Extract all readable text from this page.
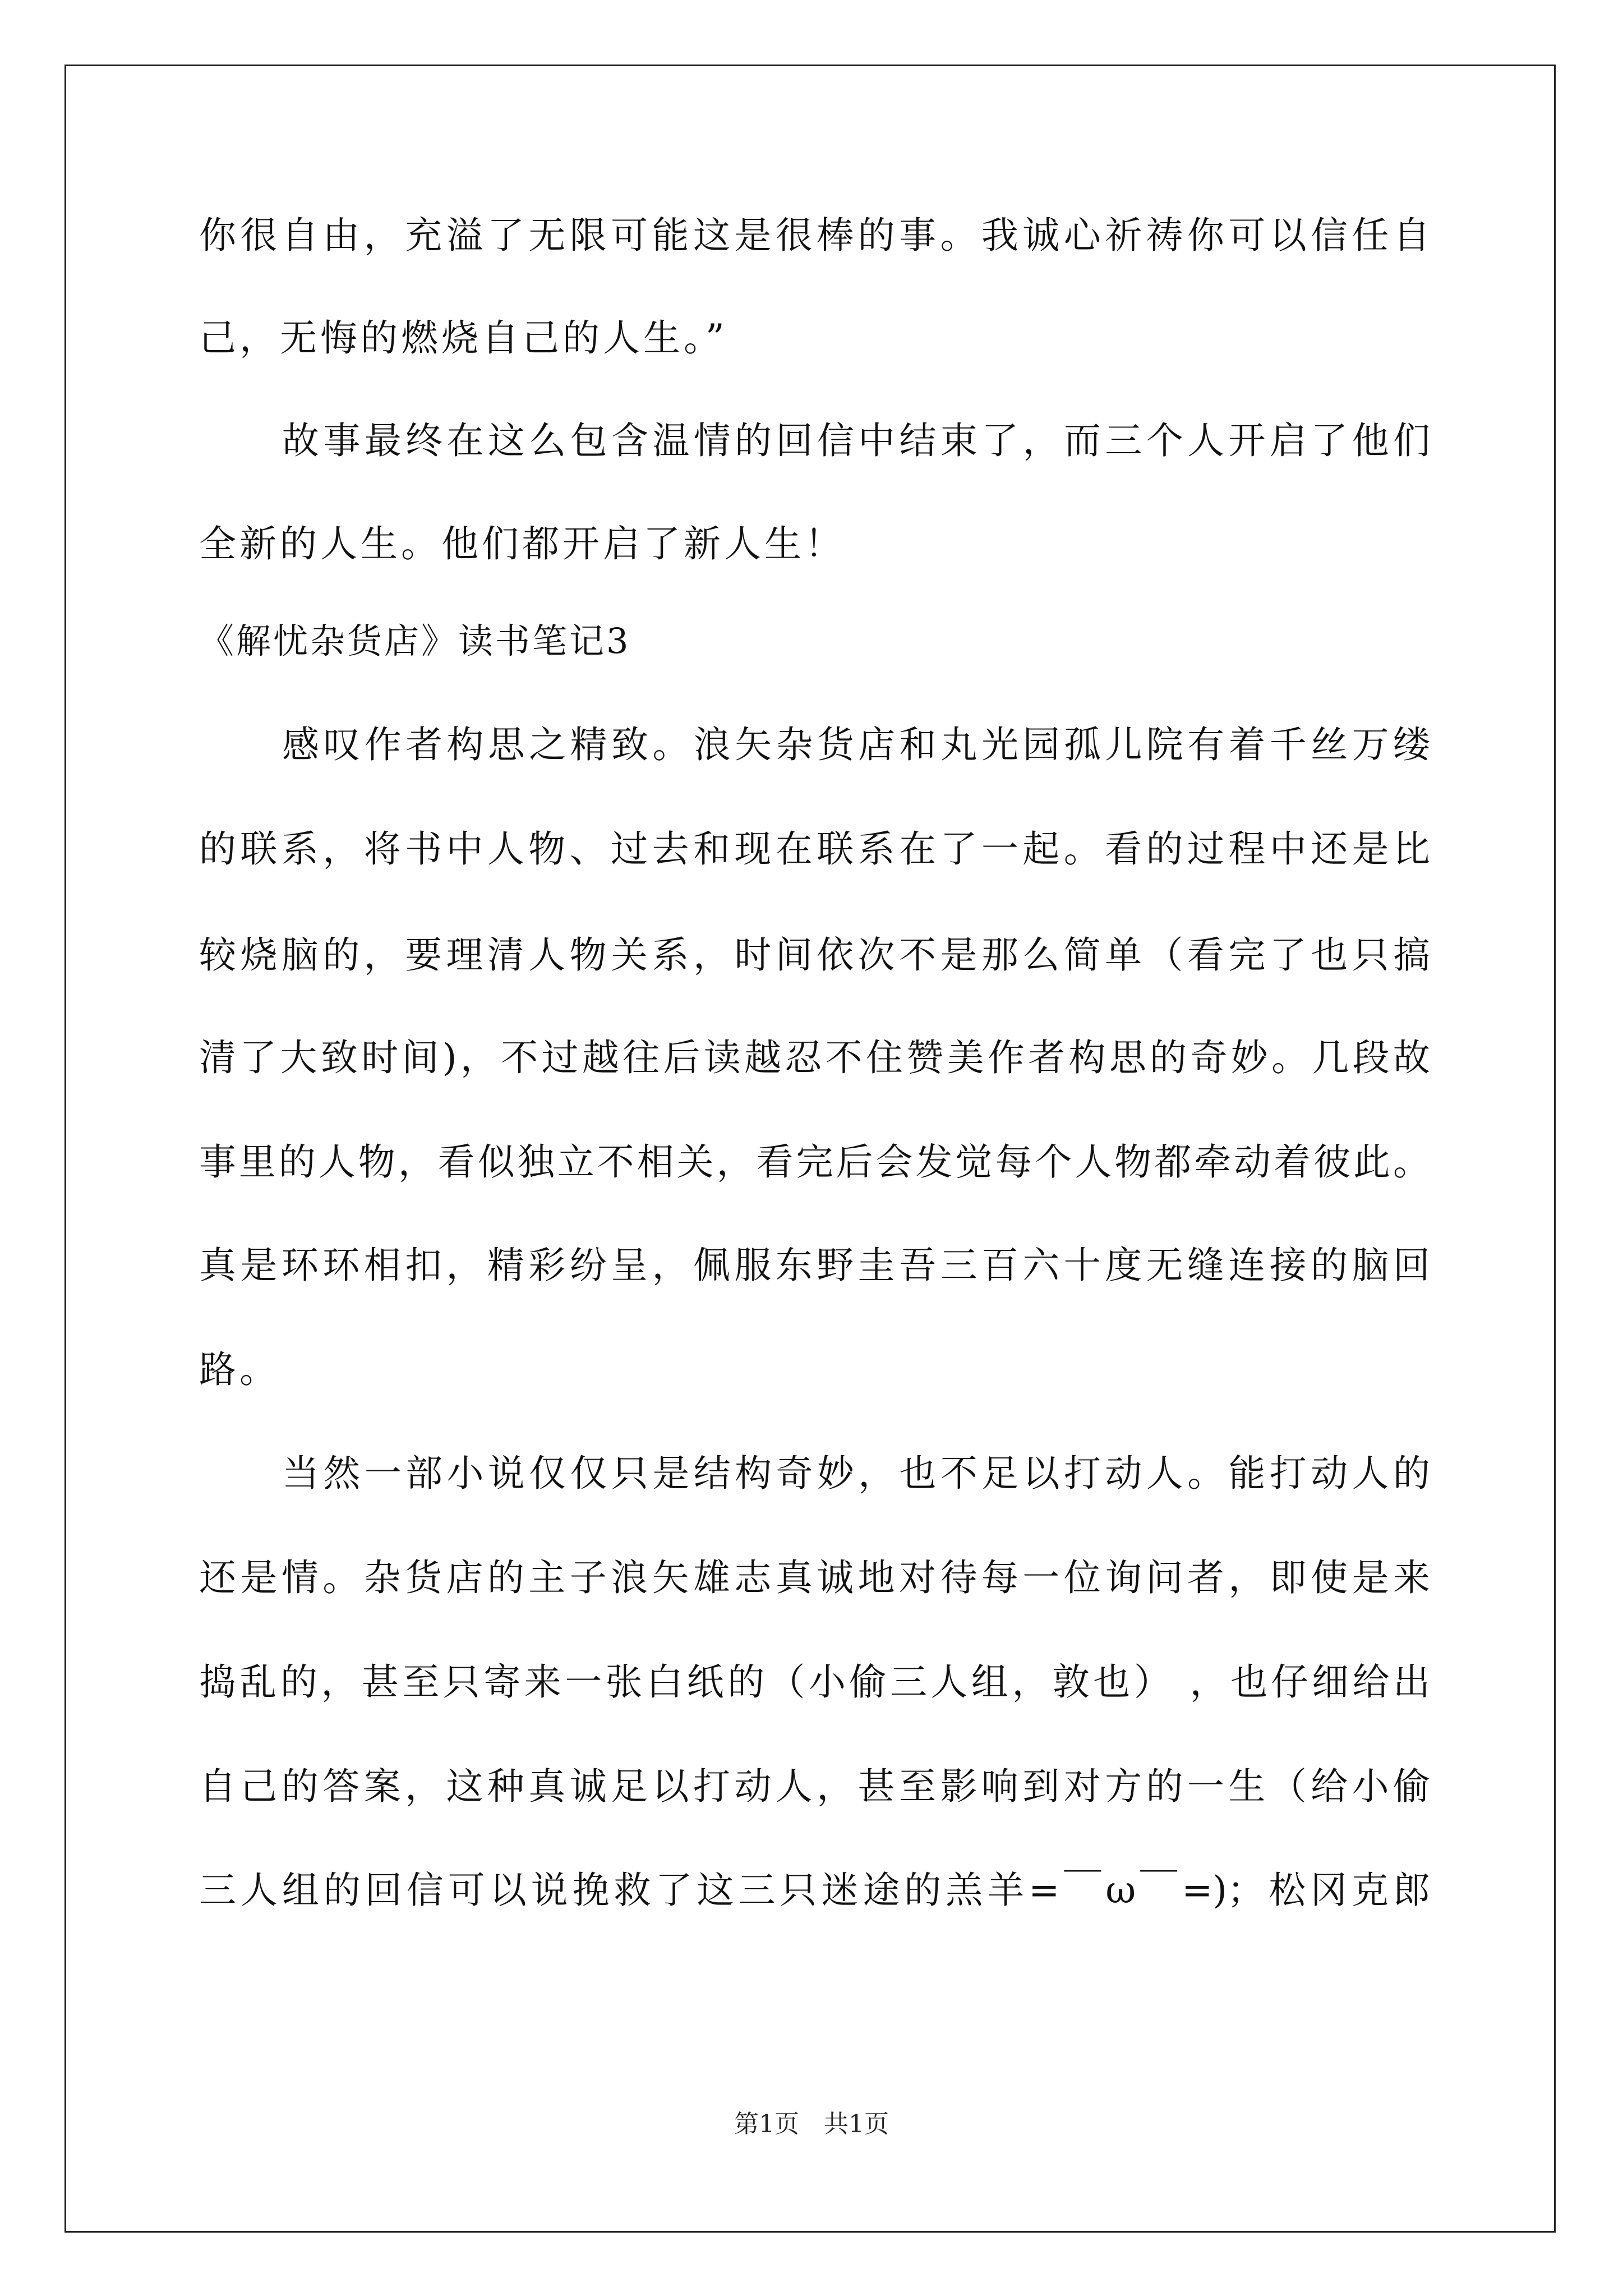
你很自由，充溢了无限可能这是很棒的事。我诚心祈祷你可以信任自
己，无悔的燃烧自己的人生。”
故事最终在这么包含温情的回信中结束了，而三个人开启了他们
全新的人生。他们都开启了新人生！
《解忧杂货店》读书笔记3
感叹作者构思之精致。浪矢杂货店和丸光园孤儿院有着千丝万缕
的联系，将书中人物、过去和现在联系在了一起。看的过程中还是比
较烧脑的，要理清人物关系，时间依次不是那么简单（看完了也只搞
清了大致时间)，不过越往后读越忍不住赞美作者构思的奇妙。几段故
事里的人物，看似独立不相关，看完后会发觉每个人物都牵动着彼此。
真是环环相扣，精彩纷呈，佩服东野圭吾三百六十度无缝连接的脑回
路。
当然一部小说仅仅只是结构奇妙，也不足以打动人。能打动人的
还是情。杂货店的主子浪矢雄志真诚地对待每一位询问者，即使是来
捣乱的，甚至只寄来一张白纸的（小偷三人组，敦也） ，也仔细给出
自己的答案，这种真诚足以打动人，甚至影响到对方的一生（给小偷
三人组的回信可以说挽救了这三只迷途的羔羊=￣ω￣=)；松冈克郎
第1页　共1页
